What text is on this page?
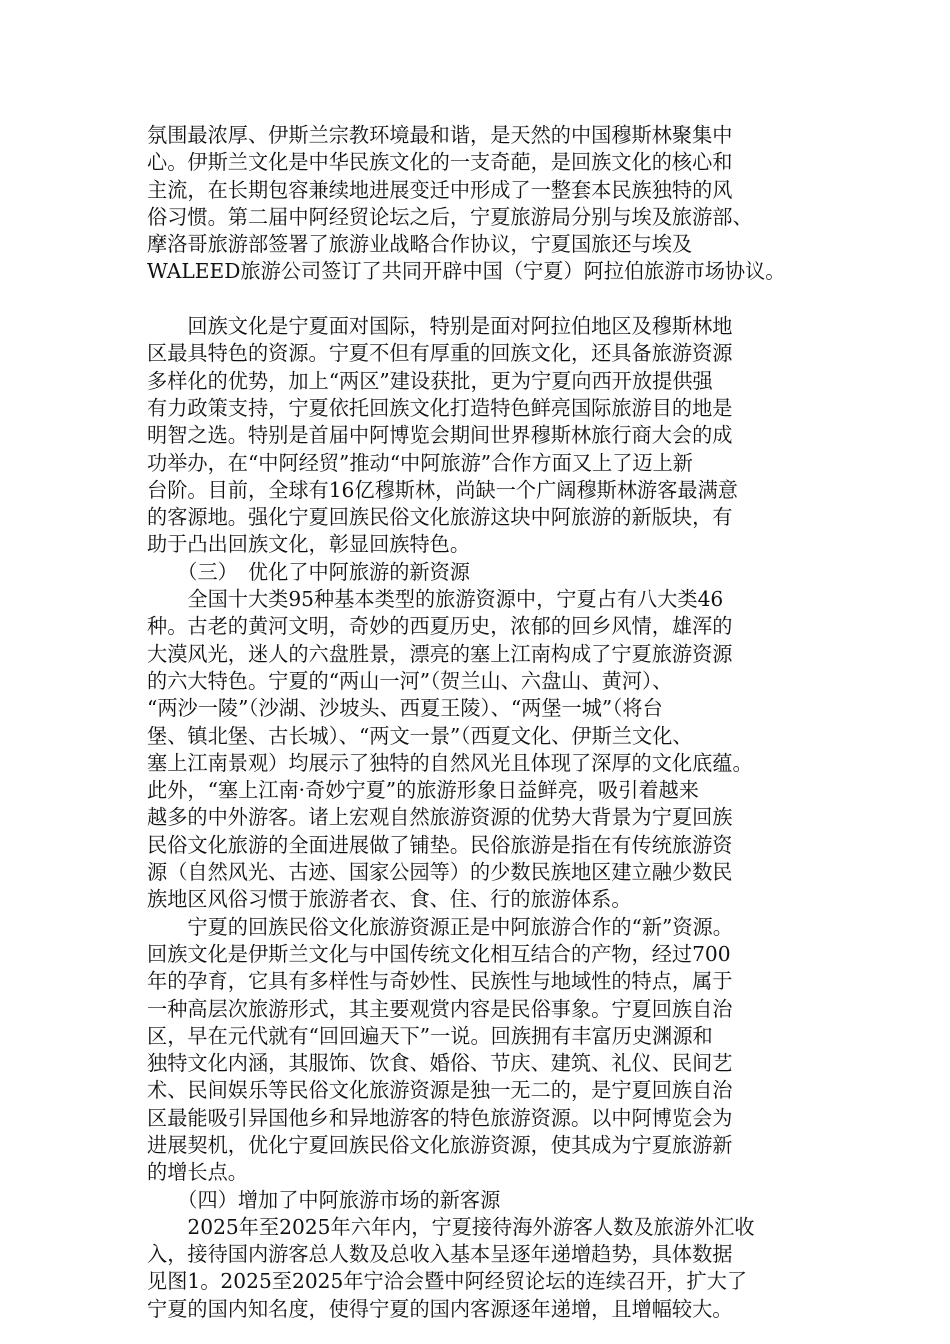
氛围最浓厚、伊斯兰宗教环境最和谐，是天然的中国穆斯林聚集中
心。伊斯兰文化是中华民族文化的一支奇葩，是回族文化的核心和
主流，在长期包容兼续地进展变迁中形成了一整套本民族独特的风
俗习惯。第二届中阿经贸论坛之后，宁夏旅游局分别与埃及旅游部、
摩洛哥旅游部签署了旅游业战略合作协议，宁夏国旅还与埃及
WALEED旅游公司签订了共同开辟中国（宁夏）阿拉伯旅游市场协议。
　　回族文化是宁夏面对国际，特别是面对阿拉伯地区及穆斯林地
区最具特色的资源。宁夏不但有厚重的回族文化，还具备旅游资源
多样化的优势，加上“两区”建设获批，更为宁夏向西开放提供强
有力政策支持，宁夏依托回族文化打造特色鲜亮国际旅游目的地是
明智之选。特别是首届中阿博览会期间世界穆斯林旅行商大会的成
功举办，在“中阿经贸”推动“中阿旅游”合作方面又上了迈上新
台阶。目前，全球有16亿穆斯林，尚缺一个广阔穆斯林游客最满意
的客源地。强化宁夏回族民俗文化旅游这块中阿旅游的新版块，有
助于凸出回族文化，彰显回族特色。
　　（三）　优化了中阿旅游的新资源
　　全国十大类95种基本类型的旅游资源中，宁夏占有八大类46
种。古老的黄河文明，奇妙的西夏历史，浓郁的回乡风情，雄浑的
大漠风光，迷人的六盘胜景，漂亮的塞上江南构成了宁夏旅游资源
的六大特色。宁夏的“两山一河”（贺兰山、六盘山、黄河）、
“两沙一陵”（沙湖、沙坡头、西夏王陵）、“两堡一城”（将台
堡、镇北堡、古长城）、“两文一景”（西夏文化、伊斯兰文化、
塞上江南景观）均展示了独特的自然风光且体现了深厚的文化底蕴。
此外，“塞上江南·奇妙宁夏”的旅游形象日益鲜亮，吸引着越来
越多的中外游客。诸上宏观自然旅游资源的优势大背景为宁夏回族
民俗文化旅游的全面进展做了铺垫。民俗旅游是指在有传统旅游资
源（自然风光、古迹、国家公园等）的少数民族地区建立融少数民
族地区风俗习惯于旅游者衣、食、住、行的旅游体系。
　　宁夏的回族民俗文化旅游资源正是中阿旅游合作的“新”资源。
回族文化是伊斯兰文化与中国传统文化相互结合的产物，经过700
年的孕育，它具有多样性与奇妙性、民族性与地域性的特点，属于
一种高层次旅游形式，其主要观赏内容是民俗事象。宁夏回族自治
区，早在元代就有“回回遍天下”一说。回族拥有丰富历史渊源和
独特文化内涵，其服饰、饮食、婚俗、节庆、建筑、礼仪、民间艺
术、民间娱乐等民俗文化旅游资源是独一无二的，是宁夏回族自治
区最能吸引异国他乡和异地游客的特色旅游资源。以中阿博览会为
进展契机，优化宁夏回族民俗文化旅游资源，使其成为宁夏旅游新
的增长点。
　　（四）增加了中阿旅游市场的新客源
　　2025年至2025年六年内，宁夏接待海外游客人数及旅游外汇收
入，接待国内游客总人数及总收入基本呈逐年递增趋势，具体数据
见图1。2025至2025年宁洽会暨中阿经贸论坛的连续召开，扩大了
宁夏的国内知名度，使得宁夏的国内客源逐年递增，且增幅较大。
